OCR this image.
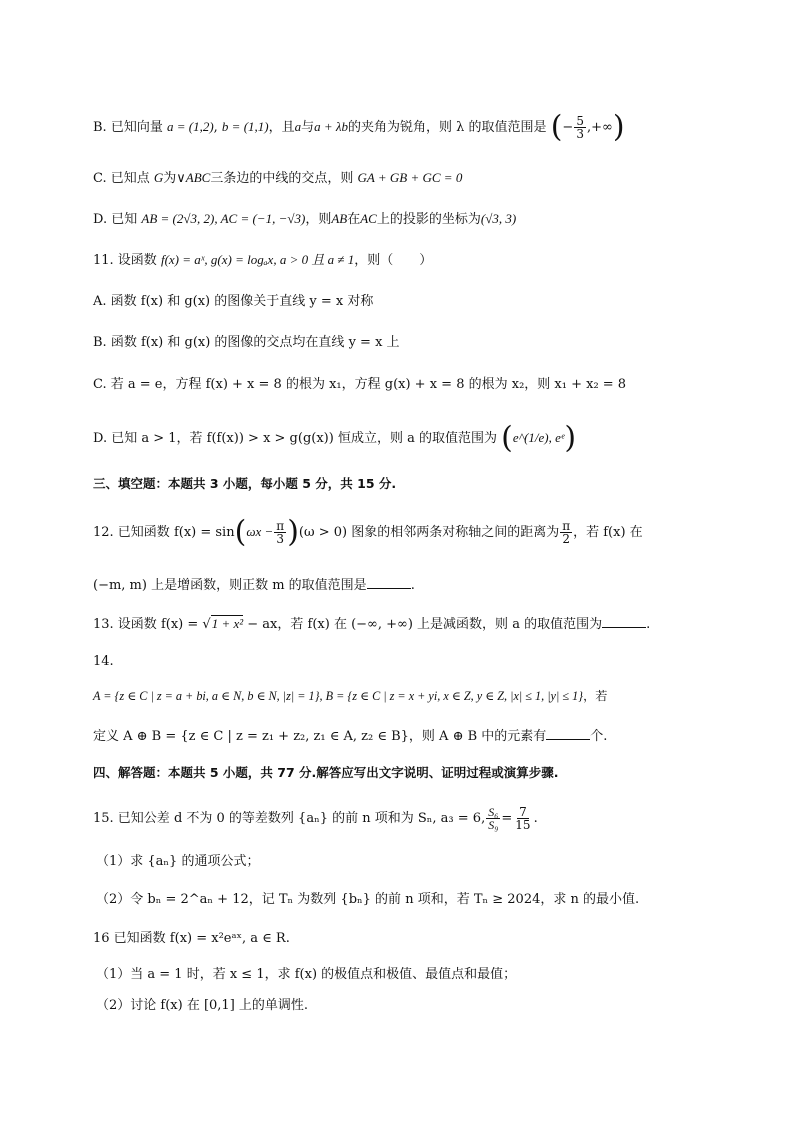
B. 已知向量 a = (1,2), b = (1,1)，且a与a + λb的夹角为锐角，则 λ 的取值范围是 (− $\frac{5}{3}$ ,+∞)
C. 已知点 G为∨ABC三条边的中线的交点，则 GA + GB + GC = 0
D. 已知 AB = (2√3, 2), AC = (−1, −√3)，则AB在AC上的投影的坐标为(√3, 3)
11. 设函数 f(x) = aˣ, g(x) = logₐx, a > 0 且 a ≠ 1，则（　　）
A. 函数 f(x) 和 g(x) 的图像关于直线 y = x 对称
B. 函数 f(x) 和 g(x) 的图像的交点均在直线 y = x 上
C. 若 a = e，方程 f(x) + x = 8 的根为 x₁，方程 g(x) + x = 8 的根为 x₂，则 x₁ + x₂ = 8
D. 已知 a > 1，若 f(f(x)) > x > g(g(x)) 恒成立，则 a 的取值范围为 (e^(1/e), eᵉ)
三、填空题：本题共 3 小题，每小题 5 分，共 15 分.
12. 已知函数 $f(x) = \sin(\omega x - \frac{\pi}{3} )(\omega > 0)$ 图象的相邻两条对称轴之间的距离为 $\frac{\pi}{2}$ ，若 f(x) 在
(−m, m) 上是增函数，则正数 m 的取值范围是	.
13. 设函数 f(x) = √1 + x² − ax，若 f(x) 在 (−∞, +∞) 上是减函数，则 a 的取值范围为	.
14.
A = {z ∈ C | z = a + bi, a ∈ N, b ∈ N, |z| = 1}, B = {z ∈ C | z = x + yi, x ∈ Z, y ∈ Z, |x| ≤ 1, |y| ≤ 1}，若
定义 A ⊕ B = {z ∈ C | z = z₁ + z₂, z₁ ∈ A, z₂ ∈ B}，则 A ⊕ B 中的元素有	个.
四、解答题：本题共 5 小题，共 77 分.解答应写出文字说明、证明过程或演算步骤.
15. 已知公差 d 不为 0 的等差数列 {aₙ} 的前 n 项和为 Sₙ, a₃ = 6, $\frac{\text{S₆}}{\text{S₉}} = \frac{7}{15}$ .
（1）求 {aₙ} 的通项公式；
（2）令 bₙ = 2^aₙ + 12，记 Tₙ 为数列 {bₙ} 的前 n 项和，若 Tₙ ≥ 2024，求 n 的最小值.
16 已知函数 f(x) = x²eᵃˣ, a ∈ R.
（1）当 a = 1 时，若 x ≤ 1，求 f(x) 的极值点和极值、最值点和最值；
（2）讨论 f(x) 在 [0,1] 上的单调性.
